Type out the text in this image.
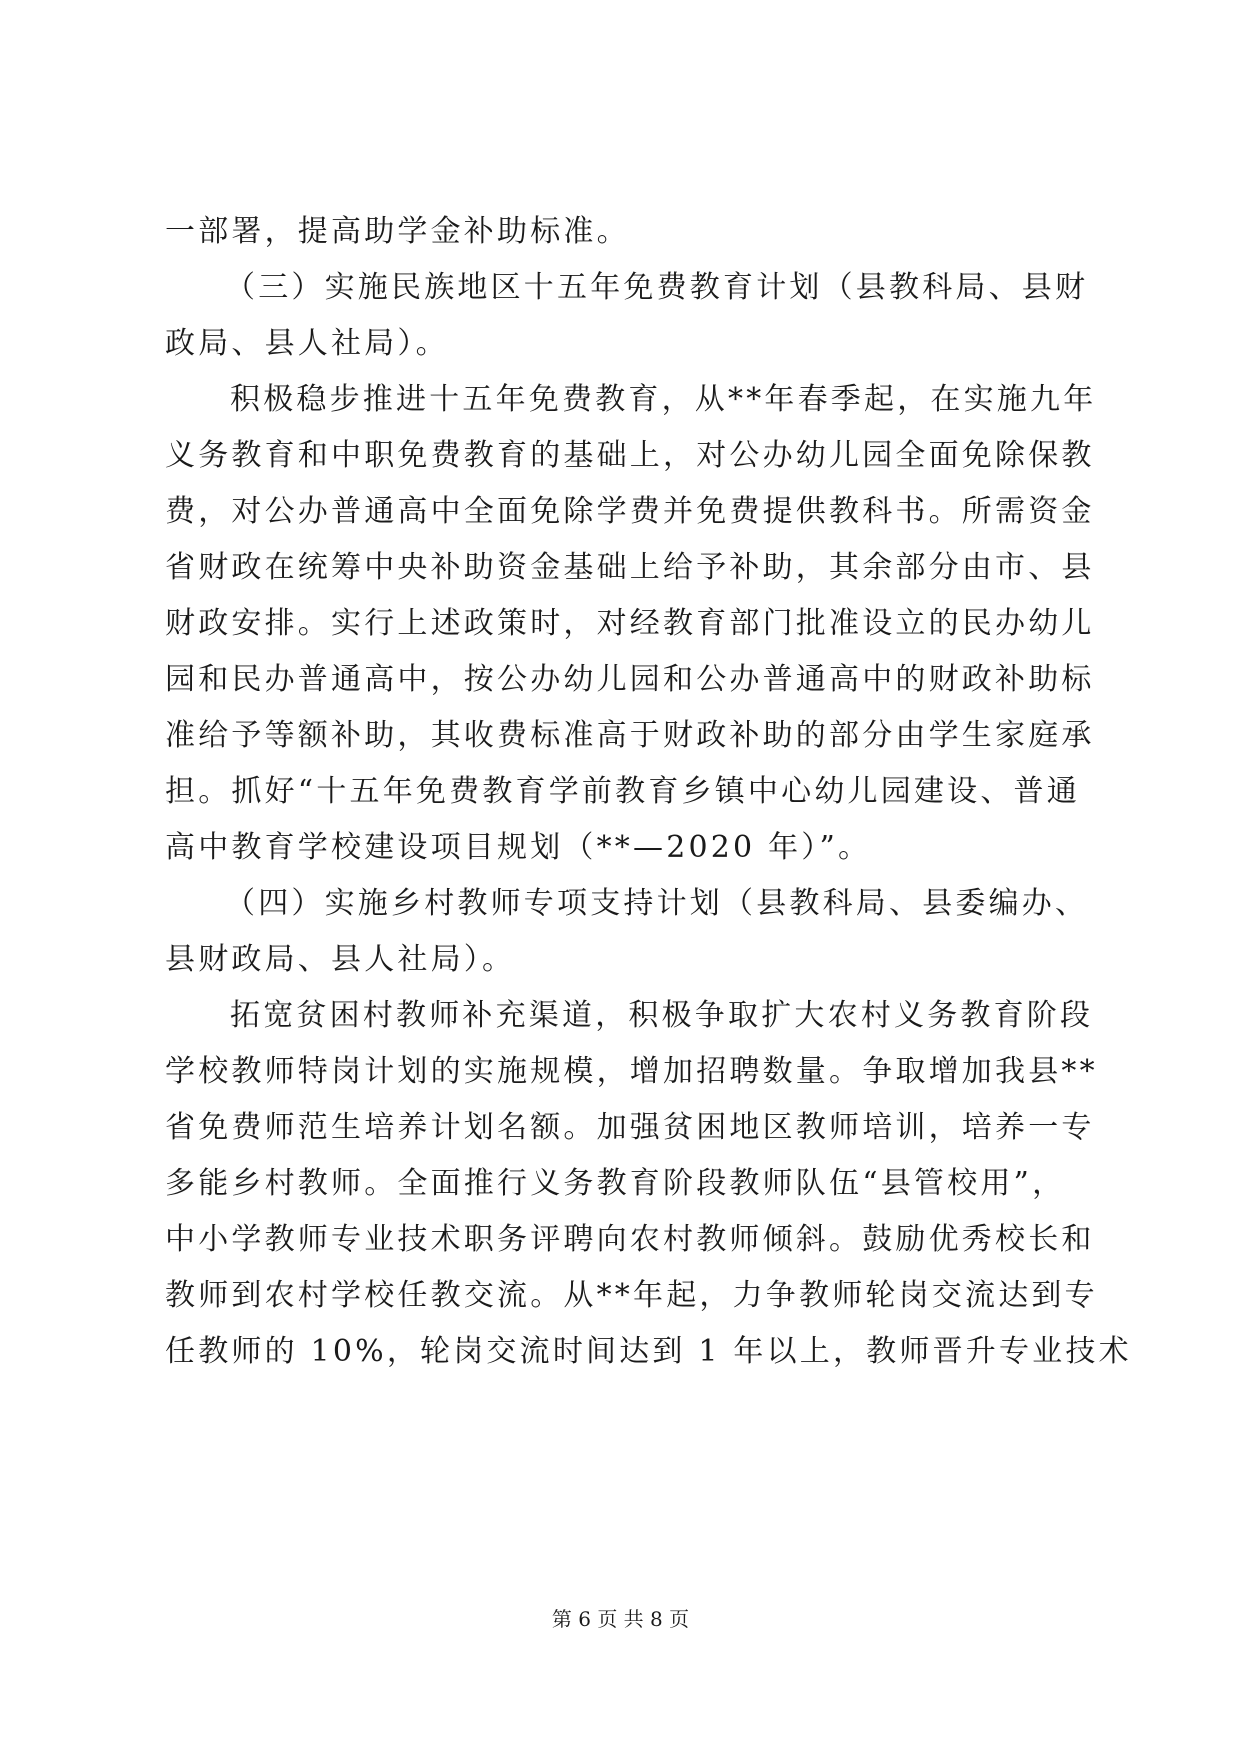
一部署，提高助学金补助标准。
（三）实施民族地区十五年免费教育计划（县教科局、县财
政局、县人社局）。
积极稳步推进十五年免费教育，从**年春季起，在实施九年
义务教育和中职免费教育的基础上，对公办幼儿园全面免除保教
费，对公办普通高中全面免除学费并免费提供教科书。所需资金
省财政在统筹中央补助资金基础上给予补助，其余部分由市、县
财政安排。实行上述政策时，对经教育部门批准设立的民办幼儿
园和民办普通高中，按公办幼儿园和公办普通高中的财政补助标
准给予等额补助，其收费标准高于财政补助的部分由学生家庭承
担。抓好“十五年免费教育学前教育乡镇中心幼儿园建设、普通
高中教育学校建设项目规划（**—2020 年）”。
（四）实施乡村教师专项支持计划（县教科局、县委编办、
县财政局、县人社局）。
拓宽贫困村教师补充渠道，积极争取扩大农村义务教育阶段
学校教师特岗计划的实施规模，增加招聘数量。争取增加我县**
省免费师范生培养计划名额。加强贫困地区教师培训，培养一专
多能乡村教师。全面推行义务教育阶段教师队伍“县管校用”，
中小学教师专业技术职务评聘向农村教师倾斜。鼓励优秀校长和
教师到农村学校任教交流。从**年起，力争教师轮岗交流达到专
任教师的 10%，轮岗交流时间达到 1 年以上，教师晋升专业技术
第 6 页 共 8 页
